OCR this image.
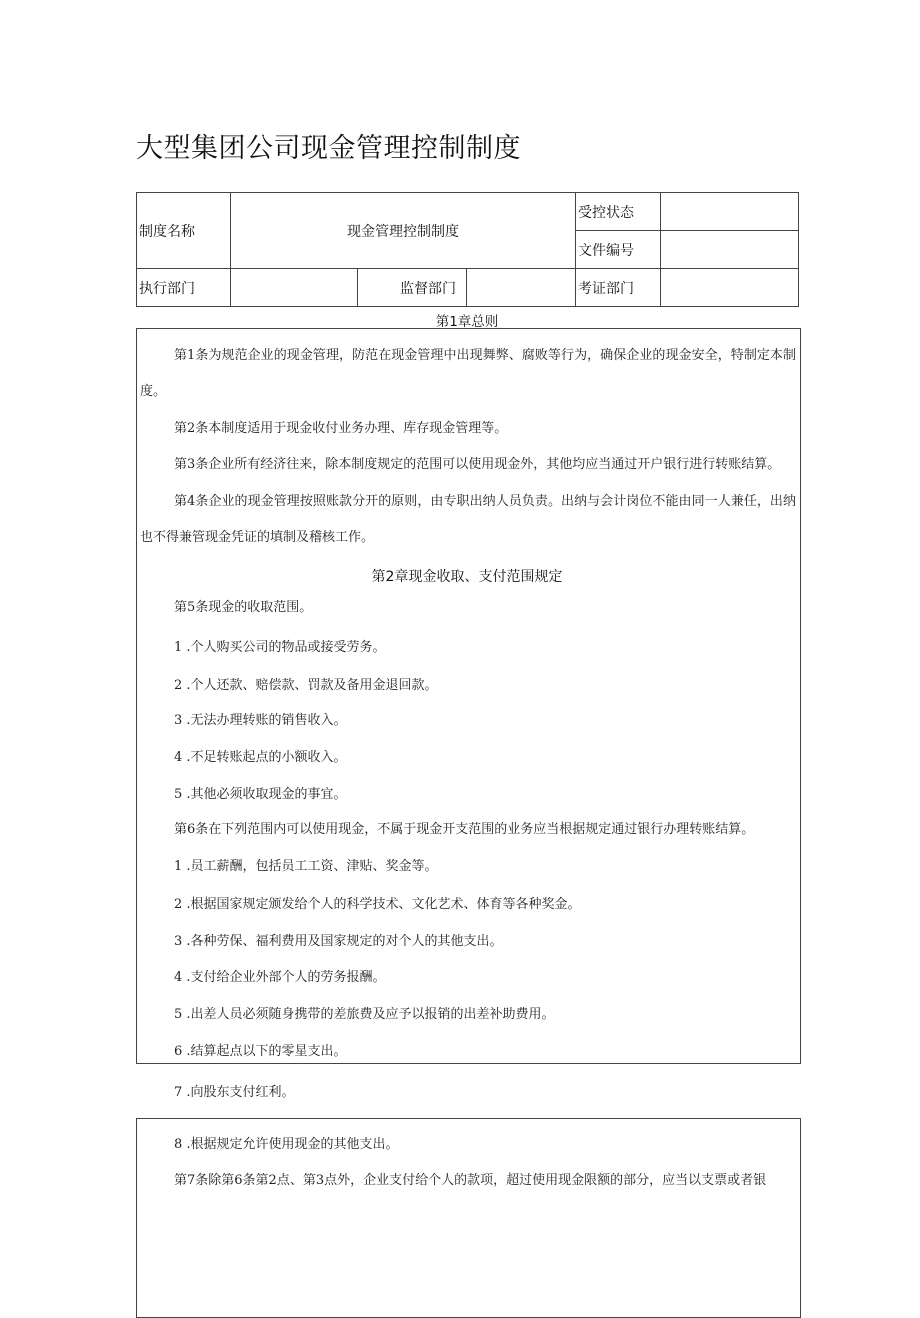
大型集团公司现金管理控制制度
制度名称	现金管理控制制度			受控状态	
				文件编号	
执行部门		监督部门		考证部门	
第1章总则
第1条为规范企业的现金管理，防范在现金管理中出现舞弊、腐败等行为，确保企业的现金安全，特制定本制度。
第2条本制度适用于现金收付业务办理、库存现金管理等。
第3条企业所有经济往来，除本制度规定的范围可以使用现金外，其他均应当通过开户银行进行转账结算。
第4条企业的现金管理按照账款分开的原则，由专职出纳人员负责。出纳与会计岗位不能由同一人兼任，出纳也不得兼管现金凭证的填制及稽核工作。
第2章现金收取、支付范围规定
第5条现金的收取范围。
1 .个人购买公司的物品或接受劳务。
2 .个人还款、赔偿款、罚款及备用金退回款。
3 .无法办理转账的销售收入。
4 .不足转账起点的小额收入。
5 .其他必须收取现金的事宜。
第6条在下列范围内可以使用现金，不属于现金开支范围的业务应当根据规定通过银行办理转账结算。
1 .员工薪酬，包括员工工资、津贴、奖金等。
2 .根据国家规定颁发给个人的科学技术、文化艺术、体育等各种奖金。
3 .各种劳保、福利费用及国家规定的对个人的其他支出。
4 .支付给企业外部个人的劳务报酬。
5 .出差人员必须随身携带的差旅费及应予以报销的出差补助费用。
6 .结算起点以下的零星支出。
7 .向股东支付红利。
8 .根据规定允许使用现金的其他支出。
第7条除第6条第2点、第3点外，企业支付给个人的款项，超过使用现金限额的部分，应当以支票或者银
